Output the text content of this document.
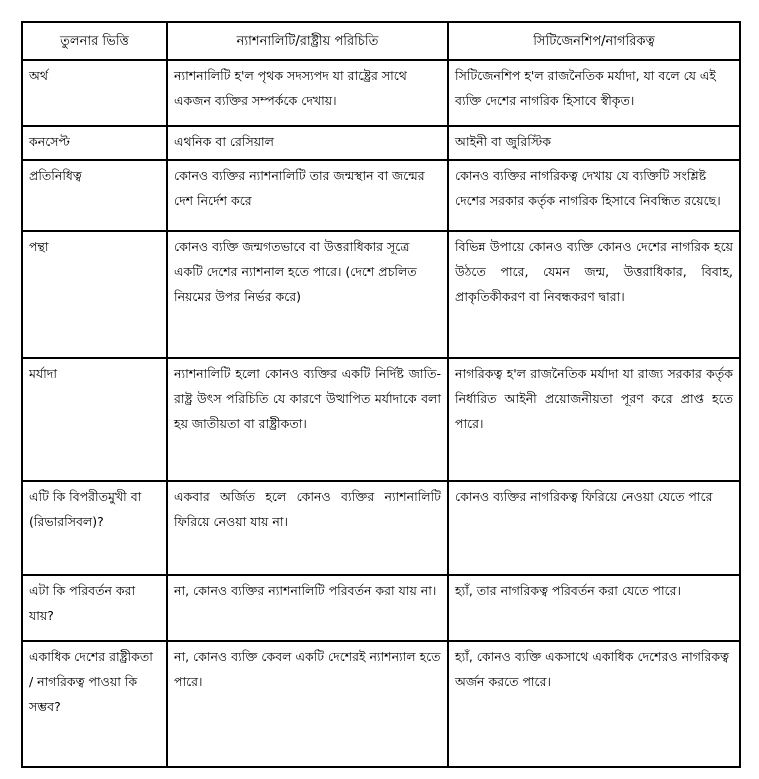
তুলনার ভিত্তি	ন্যাশনালিটি/রাষ্ট্রীয় পরিচিতি	সিটিজেনশিপ/নাগরিকত্ব
অর্থ	ন্যাশনালিটি হ'ল পৃথক সদস্যপদ যা রাষ্ট্রের সাথে একজন ব্যক্তির সম্পর্ককে দেখায়।	সিটিজেনশিপ হ'ল রাজনৈতিক মর্যাদা, যা বলে যে এই ব্যক্তি দেশের নাগরিক হিসাবে স্বীকৃত।
কনসেপ্ট	এথনিক বা রেসিয়াল	আইনী বা জুরিস্টিক
প্রতিনিধিত্ব	কোনও ব্যক্তির ন্যাশনালিটি তার জন্মস্থান বা জন্মের দেশ নির্দেশ করে	কোনও ব্যক্তির নাগরিকত্ব দেখায় যে ব্যক্তিটি সংশ্লিষ্ট দেশের সরকার কর্তৃক নাগরিক হিসাবে নিবন্ধিত রয়েছে।
পন্থা	কোনও ব্যক্তি জন্মগতভাবে বা উত্তরাধিকার সূত্রে একটি দেশের ন্যাশনাল হতে পারে। (দেশে প্রচলিত নিয়মের উপর নির্ভর করে)	বিভিন্ন উপায়ে কোনও ব্যক্তি কোনও দেশের নাগরিক হয়ে উঠতে পারে, যেমন জন্ম, উত্তরাধিকার, বিবাহ, প্রাকৃতিকীকরণ বা নিবন্ধকরণ দ্বারা।
মর্যাদা	ন্যাশনালিটি হলো কোনও ব্যক্তির একটি নির্দিষ্ট জাতি-রাষ্ট্র উৎস পরিচিতি যে কারণে উত্থাপিত মর্যাদাকে বলা হয় জাতীয়তা বা রাষ্ট্রীকতা।	নাগরিকত্ব হ'ল রাজনৈতিক মর্যাদা যা রাজ্য সরকার কর্তৃক নির্ধারিত আইনী প্রয়োজনীয়তা পূরণ করে প্রাপ্ত হতে পারে।
এটি কি বিপরীতমুখী বা (রিভারসিবল)?	একবার অর্জিত হলে কোনও ব্যক্তির ন্যাশনালিটি ফিরিয়ে নেওয়া যায় না।	কোনও ব্যক্তির নাগরিকত্ব ফিরিয়ে নেওয়া যেতে পারে
এটা কি পরিবর্তন করা যায়?	না, কোনও ব্যক্তির ন্যাশনালিটি পরিবর্তন করা যায় না।	হ্যাঁ, তার নাগরিকত্ব পরিবর্তন করা যেতে পারে।
একাধিক দেশের রাষ্ট্রীকতা / নাগরিকত্ব পাওয়া কি সম্ভব?	না, কোনও ব্যক্তি কেবল একটি দেশেরই ন্যাশন্যাল হতে পারে।	হ্যাঁ, কোনও ব্যক্তি একসাথে একাধিক দেশেরও নাগরিকত্ব অর্জন করতে পারে।
